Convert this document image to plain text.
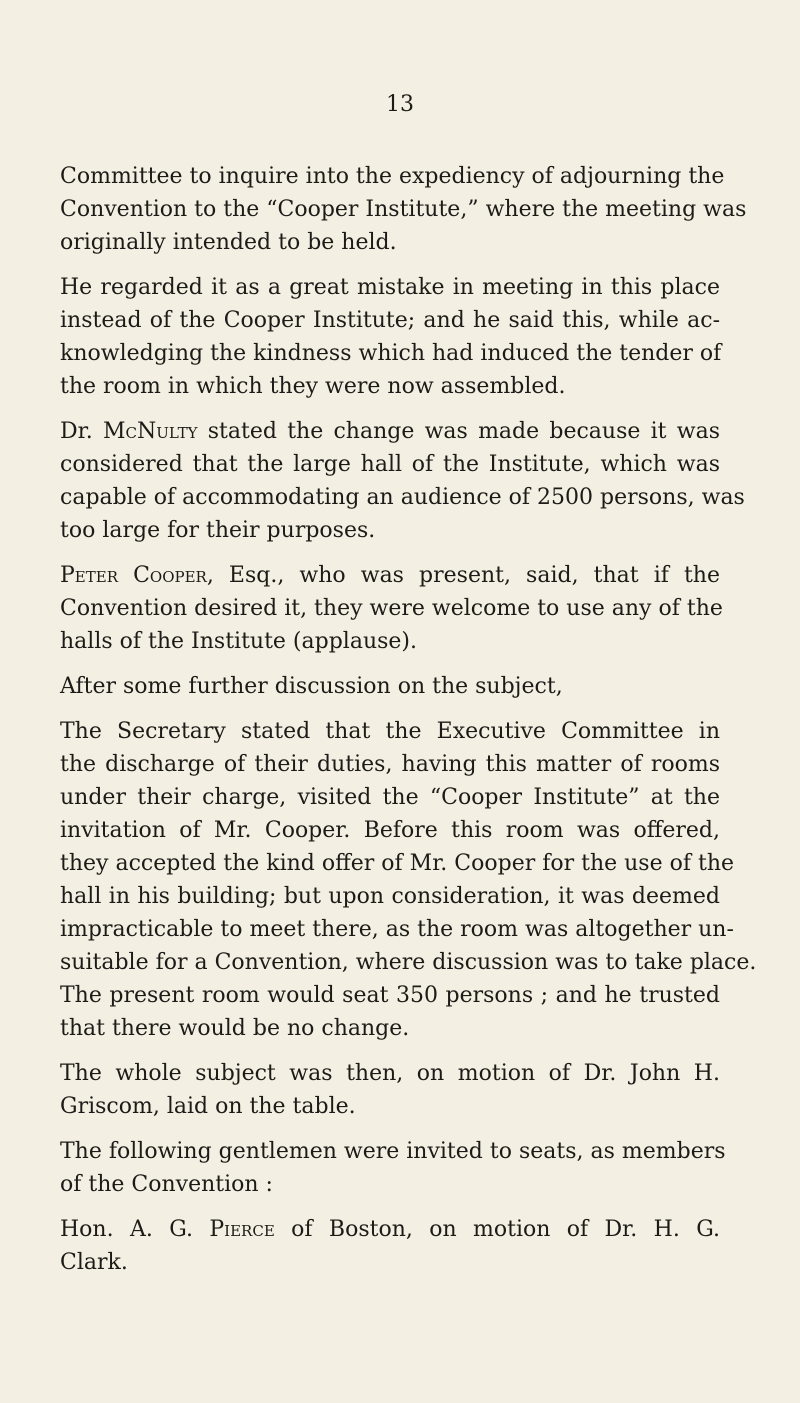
13
Committee to inquire into the expediency of adjourning the
Convention to the “Cooper Institute,” where the meeting was
originally intended to be held.
He regarded it as a great mistake in meeting in this place
instead of the Cooper Institute; and he said this, while ac-
knowledging the kindness which had induced the tender of
the room in which they were now assembled.
Dr. McNulty stated the change was made because it was
considered that the large hall of the Institute, which was
capable of accommodating an audience of 2500 persons, was
too large for their purposes.
Peter Cooper, Esq., who was present, said, that if the
Convention desired it, they were welcome to use any of the
halls of the Institute (applause).
After some further discussion on the subject,
The Secretary stated that the Executive Committee in
the discharge of their duties, having this matter of rooms
under their charge, visited the “Cooper Institute” at the
invitation of Mr. Cooper. Before this room was offered,
they accepted the kind offer of Mr. Cooper for the use of the
hall in his building; but upon consideration, it was deemed
impracticable to meet there, as the room was altogether un-
suitable for a Convention, where discussion was to take place.
The present room would seat 350 persons ; and he trusted
that there would be no change.
The whole subject was then, on motion of Dr. John H.
Griscom, laid on the table.
The following gentlemen were invited to seats, as members
of the Convention :
Hon. A. G. Pierce of Boston, on motion of Dr. H. G.
Clark.
